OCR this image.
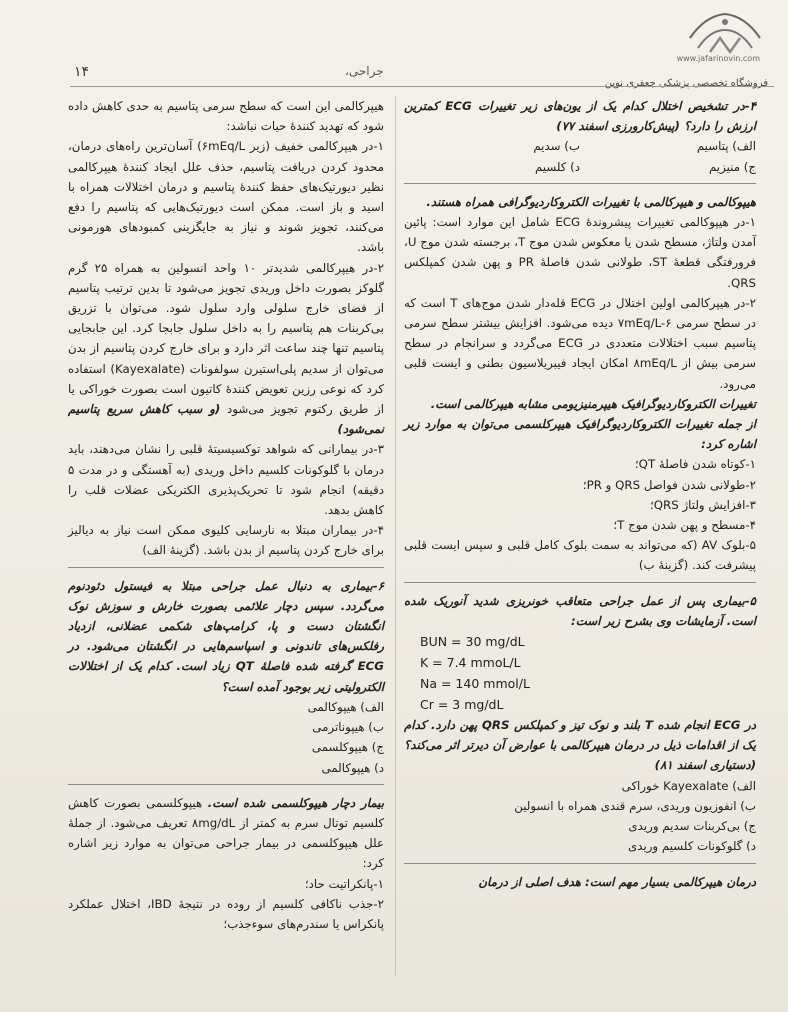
www.jafarinovin.com
۱۴	جراحی،
فروشگاه تخصصی پزشکی جعفری نوین

۴-در تشخیص اختلال کدام یک از یون‌های زیر تغییرات ECG کمترین ارزش را دارد؟ (پیش‌کارورزی اسفند ۷۷)

الف) پتاسیم
ب) سدیم
ج) منیزیم
د) کلسیم

هیپوکالمی و هیپرکالمی با تغییرات الکتروکاردیوگرافی همراه هستند.

۱-در هیپوکالمی تغییرات پیشروندۀ ECG شامل این موارد است: پائین آمدن ولتاژ، مسطح شدن یا معکوس شدن موج T، برجسته شدن موج U، فرورفتگی قطعۀ ST، طولانی شدن فاصلۀ PR و پهن شدن کمپلکس QRS.

۲-در هیپرکالمی اولین اختلال در ECG قله‌دار شدن موج‌های T است که در سطح سرمی ۷mEq/L-۶ دیده می‌شود. افزایش بیشتر سطح سرمی پتاسیم سبب اختلالات متعددی در ECG می‌گردد و سرانجام در سطح سرمی بیش از ۸mEq/L امکان ایجاد فیبریلاسیون بطنی و ایست قلبی می‌رود.

تغییرات الکتروکاردیوگرافیک هیپرمنیزیومی مشابه هیپرکالمی است.

از جمله تغییرات الکتروکاردیوگرافیک هیپرکلسمی می‌توان به موارد زیر اشاره کرد:

۱-کوتاه شدن فاصلۀ QT؛

۲-طولانی شدن فواصل QRS و PR؛

۳-افزایش ولتاژ QRS؛

۴-مسطح و پهن شدن موج T؛

۵-بلوک AV (که می‌تواند به سمت بلوک کامل قلبی و سپس ایست قلبی پیشرفت کند. (گزینۀ ب)

۵-بیماری پس از عمل جراحی متعاقب خونریزی شدید آنوریک شده است. آزمایشات وی بشرح زیر است:

BUN = 30 mg/dL
K = 7.4 mmoL/L
Na = 140 mmol/L
Cr = 3 mg/dL

در ECG انجام شده T بلند و نوک تیز و کمپلکس QRS پهن دارد. کدام یک از اقدامات ذیل در درمان هیپرکالمی با عوارض آن دیرتر اثر می‌کند؟ (دستیاری اسفند ۸۱)

الف) Kayexalate خوراکی

ب) انفوزیون وریدی، سرم قندی همراه با انسولین

ج) بی‌کربنات سدیم وریدی

د) گلوکونات کلسیم وریدی

درمان هیپرکالمی بسیار مهم است: هدف اصلی از درمان

هیپرکالمی این است که سطح سرمی پتاسیم به حدی کاهش داده شود که تهدید کنندۀ حیات نباشد:

۱-در هیپرکالمی خفیف (زیر ۶mEq/L) آسان‌ترین راه‌های درمان، محدود کردن دریافت پتاسیم، حذف علل ایجاد کنندۀ هیپرکالمی نظیر دیورتیک‌های حفظ کنندۀ پتاسیم و درمان اختلالات همراه با اسید و باز است. ممکن است دیورتیک‌هایی که پتاسیم را دفع می‌کنند، تجویز شوند و نیاز به جایگزینی کمبودهای هورمونی باشد.

۲-در هیپرکالمی شدیدتر ۱۰ واحد انسولین به همراه ۲۵ گرم گلوکز بصورت داخل وریدی تجویز می‌شود تا بدین ترتیب پتاسیم از فضای خارج سلولی وارد سلول شود. می‌توان با تزریق بی‌کربنات هم پتاسیم را به داخل سلول جابجا کرد. این جابجایی پتاسیم تنها چند ساعت اثر دارد و برای خارج کردن پتاسیم از بدن می‌توان از سدیم پلی‌استیرن سولفونات (Kayexalate) استفاده کرد که نوعی رزین تعویض کنندۀ کاتیون است بصورت خوراکی یا از طریق رکتوم تجویز می‌شود (و سبب کاهش سریع پتاسیم نمی‌شود)

۳-در بیمارانی که شواهد توکسیسیتۀ قلبی را نشان می‌دهند، باید درمان با گلوکونات کلسیم داخل وریدی (به آهستگی و در مدت ۵ دقیقه) انجام شود تا تحریک‌پذیری الکتریکی عضلات قلب را کاهش بدهد.

۴-در بیماران مبتلا به نارسایی کلیوی ممکن است نیاز به دیالیز برای خارج کردن پتاسیم از بدن باشد. (گزینۀ الف)

۶-بیماری به دنبال عمل جراحی مبتلا به فیستول دئودنوم می‌گردد. سپس دچار علائمی بصورت خارش و سوزش نوک انگشتان دست و پا، کرامپ‌های شکمی عضلانی، ازدیاد رفلکس‌های تاندونی و اسپاسم‌هایی در انگشتان می‌شود. در ECG گرفته شده فاصلۀ QT زیاد است. کدام یک از اختلالات الکترولیتی زیر بوجود آمده است؟

الف) هیپوکالمی

ب) هیپوناترمی

ج) هیپوکلسمی

د) هیپوکالمی

بیمار دچار هیپوکلسمی شده است. هیپوکلسمی بصورت کاهش کلسیم توتال سرم به کمتر از ۸mg/dL تعریف می‌شود. از جملۀ علل هیپوکلسمی در بیمار جراحی می‌توان به موارد زیر اشاره کرد:

۱-پانکراتیت حاد؛

۲-جذب ناکافی کلسیم از روده در نتیجۀ IBD، اختلال عملکرد پانکراس یا سندرم‌های سوءجذب؛
